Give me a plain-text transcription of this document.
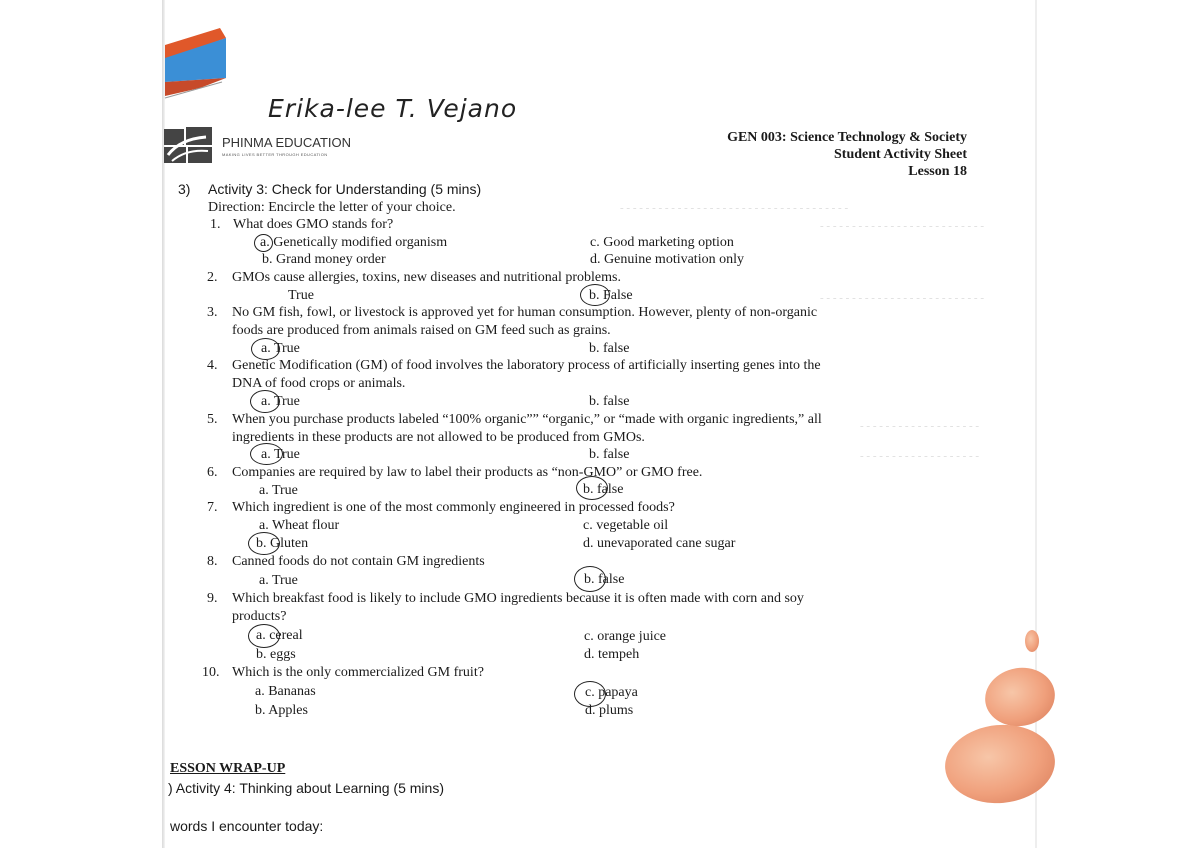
- - - - - - - - - - - - - - - - - - - - - - - - - - - - - - - - - - - -
- - - - - - - - - - - - - - - - - - - - - - - - - -
- - - - - - - - - - - - - - - - - - - - - - - - - -
- - - - - - - - - - - - - - - - - - -
- - - - - - - - - - - - - - - - - - -
Erika-lee T. Vejano
PHINMA EDUCATION
MAKING LIVES BETTER THROUGH EDUCATION
GEN 003: Science Technology & Society
Student Activity Sheet
Lesson 18
3) Activity 3: Check for Understanding (5 mins)
Direction: Encircle the letter of your choice.
1. What does GMO stands for?
a. Genetically modified organism
b. Grand money order
c. Good marketing option
d. Genuine motivation only
2. GMOs cause allergies, toxins, new diseases and nutritional problems.
True	b. False
3. No GM fish, fowl, or livestock is approved yet for human consumption. However, plenty of non-organic
foods are produced from animals raised on GM feed such as grains.
a. True	b. false
4. Genetic Modification (GM) of food involves the laboratory process of artificially inserting genes into the
DNA of food crops or animals.
a. True	b. false
5. When you purchase products labeled “100% organic”” “organic,” or “made with organic ingredients,” all
ingredients in these products are not allowed to be produced from GMOs.
a. True	b. false
6. Companies are required by law to label their products as “non-GMO” or GMO free.
a. True	b. false
7. Which ingredient is one of the most commonly engineered in processed foods?
a. Wheat flour
b. Gluten
c. vegetable oil
d. unevaporated cane sugar
8. Canned foods do not contain GM ingredients
a. True	b. false
9. Which breakfast food is likely to include GMO ingredients because it is often made with corn and soy
products?
a. cereal
b. eggs
c. orange juice
d. tempeh
10. Which is the only commercialized GM fruit?
a. Bananas
b. Apples
c. papaya
d. plums
ESSON WRAP-UP
) Activity 4: Thinking about Learning (5 mins)
words I encounter today:
